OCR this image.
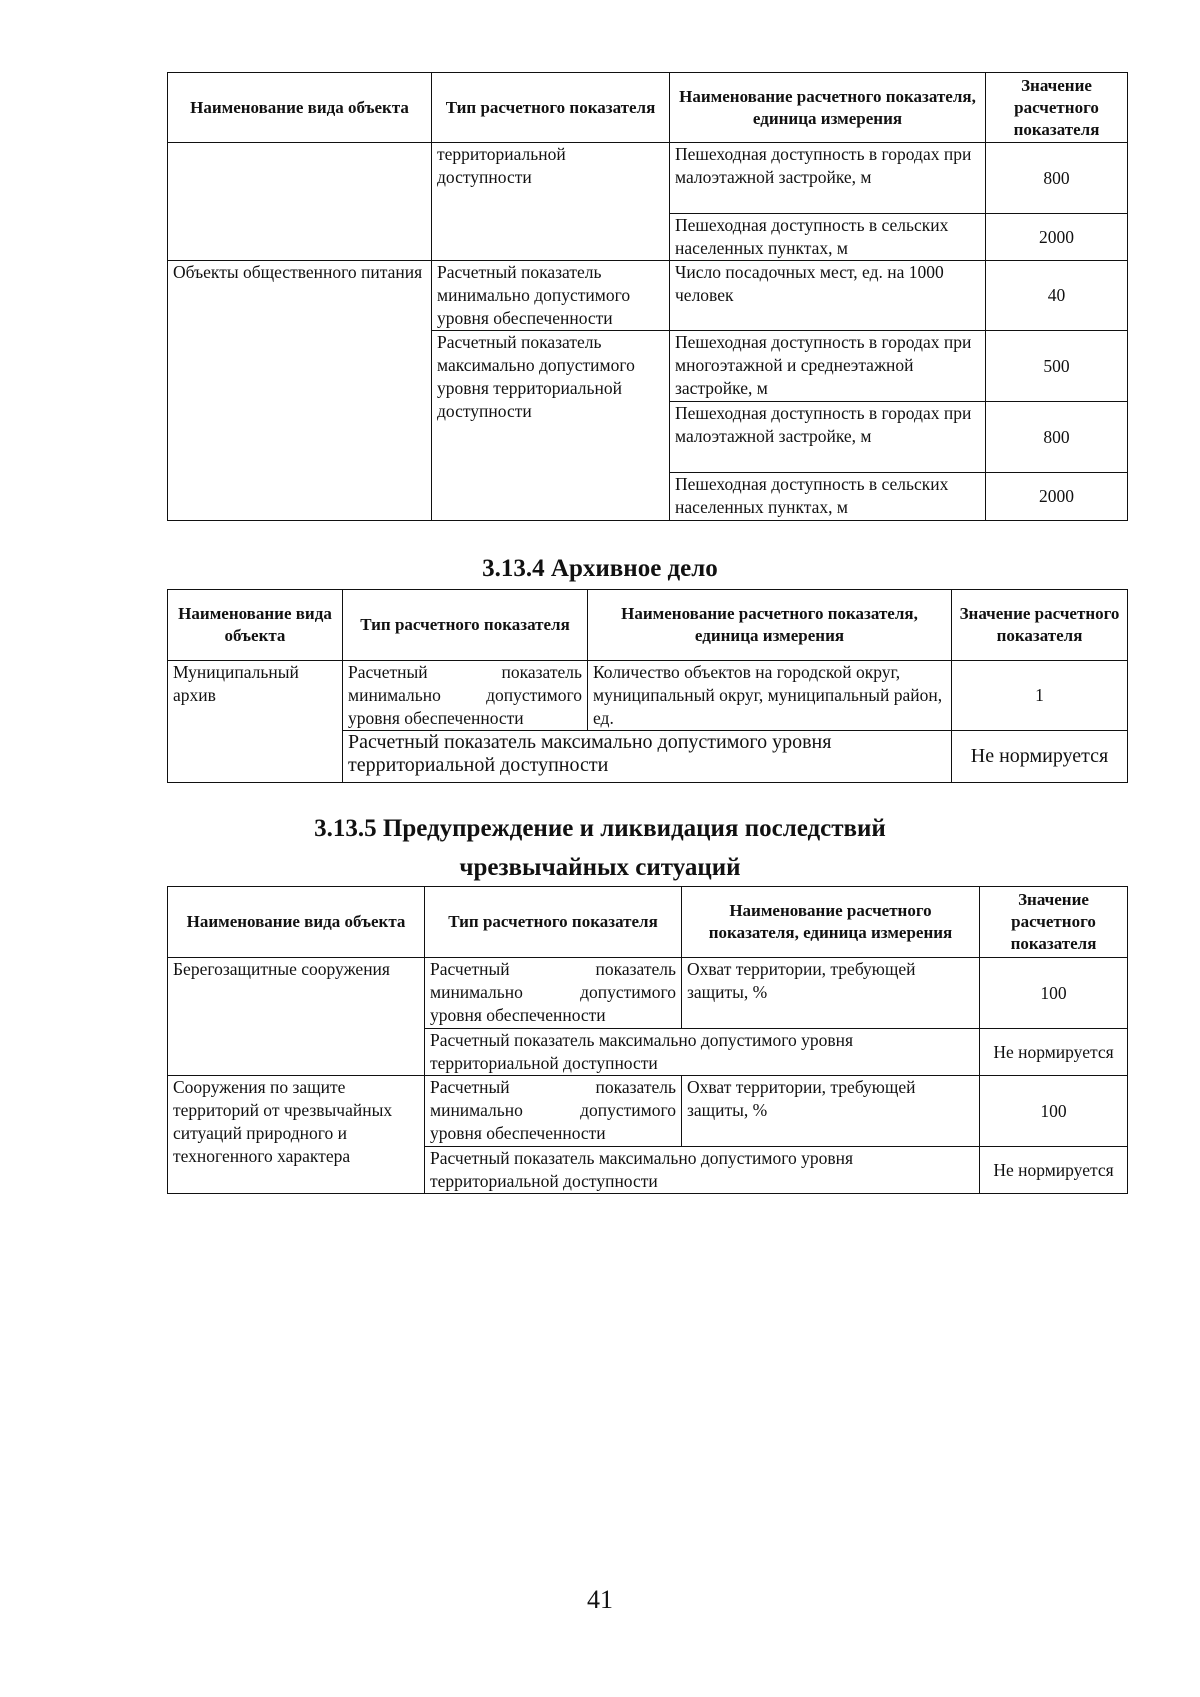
Наименование вида объекта	Тип расчетного показателя	Наименование расчетного показателя, единица измерения	Значение расчетного показателя
	территориальной доступности	Пешеходная доступность в городах при малоэтажной застройке, м	800
		Пешеходная доступность в сельских населенных пунктах, м	2000
Объекты общественного питания	Расчетный показатель минимально допустимого уровня обеспеченности	Число посадочных мест, ед. на 1000 человек	40
	Расчетный показатель максимально допустимого уровня территориальной доступности	Пешеходная доступность в городах при многоэтажной и среднеэтажной застройке, м	500
		Пешеходная доступность в городах при малоэтажной застройке, м	800
		Пешеходная доступность в сельских населенных пунктах, м	2000
3.13.4 Архивное дело
Наименование вида объекта	Тип расчетного показателя	Наименование расчетного показателя, единица измерения	Значение расчетного показателя
Муниципальный архив	Расчетный показатель минимально допустимого уровня обеспеченности	Количество объектов на городской округ, муниципальный округ, муниципальный район, ед.	1
	Расчетный показатель максимально допустимого уровня территориальной доступности		Не нормируется
3.13.5 Предупреждение и ликвидация последствий
чрезвычайных ситуаций
Наименование вида объекта	Тип расчетного показателя	Наименование расчетного показателя, единица измерения	Значение расчетного показателя
Берегозащитные сооружения	Расчетный показатель минимально допустимого уровня обеспеченности	Охват территории, требующей защиты, %	100
	Расчетный показатель максимально допустимого уровня территориальной доступности		Не нормируется
Сооружения по защите территорий от чрезвычайных ситуаций природного и техногенного характера	Расчетный показатель минимально допустимого уровня обеспеченности	Охват территории, требующей защиты, %	100
	Расчетный показатель максимально допустимого уровня территориальной доступности		Не нормируется
41
